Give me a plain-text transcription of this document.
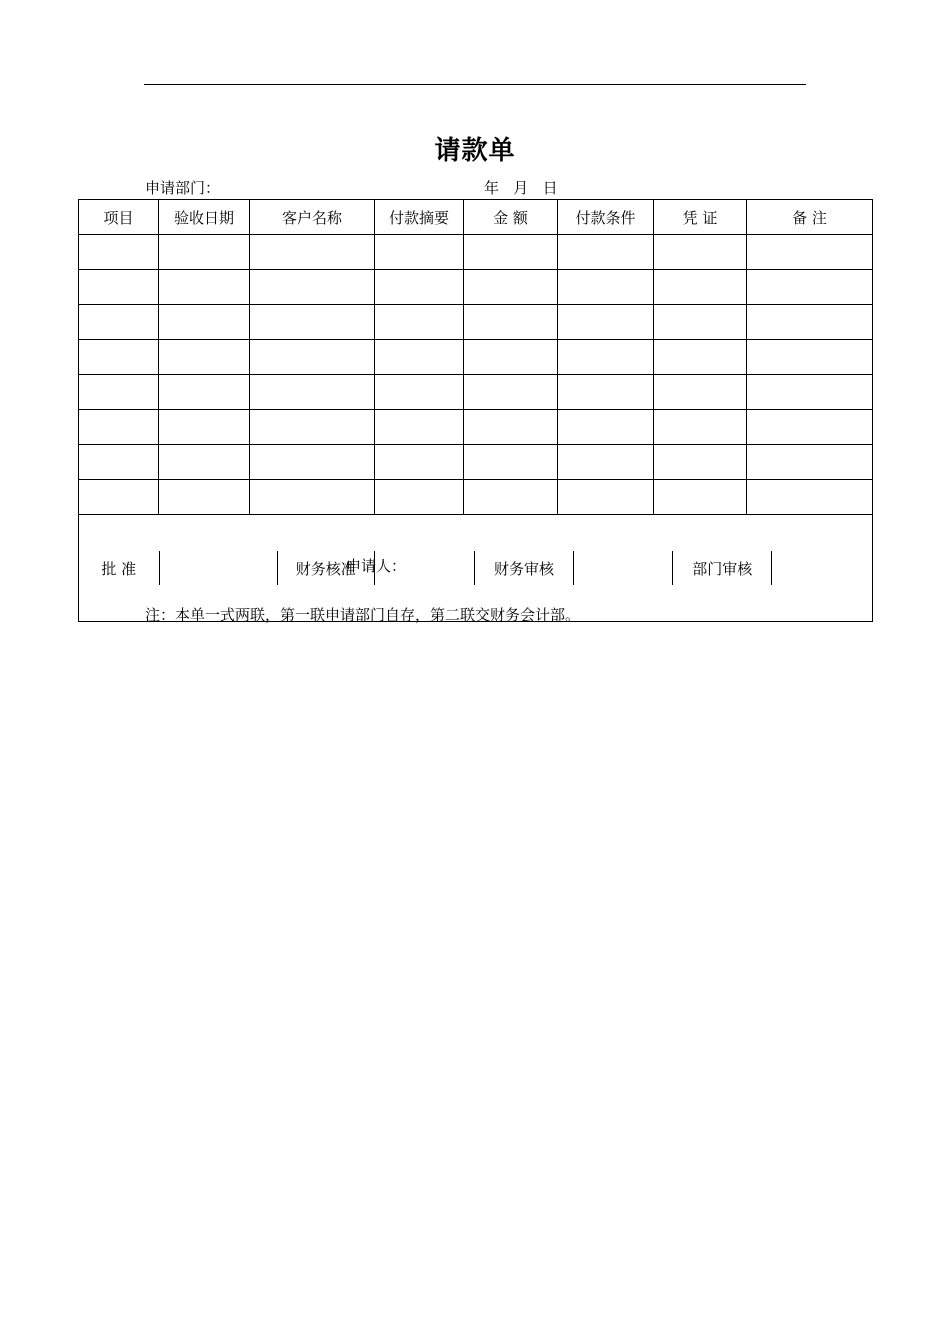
请款单
申请部门：	年   月   日
项目	验收日期	客户名称	付款摘要	金 额	付款条件	凭 证	备 注

批 准		财务核准		财务审核		部门审核	

申请人：
注：本单一式两联，第一联申请部门自存，第二联交财务会计部。
